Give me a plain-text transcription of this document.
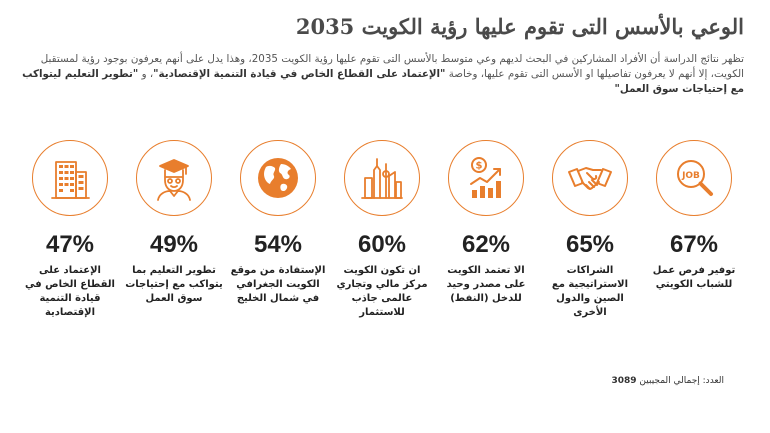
الوعي بالأسس التى تقوم عليها رؤية الكويت 2035
تظهر نتائج الدراسة أن الأفراد المشاركين في البحث لديهم وعي متوسط بالأسس التى تقوم عليها رؤية الكويت 2035، وهذا يدل على أنهم يعرفون بوجود رؤية لمستقبل الكويت، إلا أنهم لا يعرفون تفاصيلها او الأسس التى تقوم عليها، وخاصة "الإعتماد على القطاع الخاص في قيادة التنمية الإقتصادية"، و "تطوير التعليم ليتواكب مع إحتياجات سوق العمل"
JOB
67%
توفير فرص عمل للشباب الكويتي
65%
الشراكات الاستراتيجية مع الصين والدول الأخرى
$
62%
الا تعتمد الكويت على مصدر وحيد للدخل (النفط)
60%
ان تكون الكويت مركز مالي وتجاري عالمى جاذب للاستثمار
54%
الإستفادة من موقع الكويت الجغرافي في شمال الخليج
49%
تطوير التعليم بما يتواكب مع إحتياجات سوق العمل
47%
الإعتماد على القطاع الخاص في قيادة التنمية الإقتصادية
العدد: إجمالي المجيبين 3089
